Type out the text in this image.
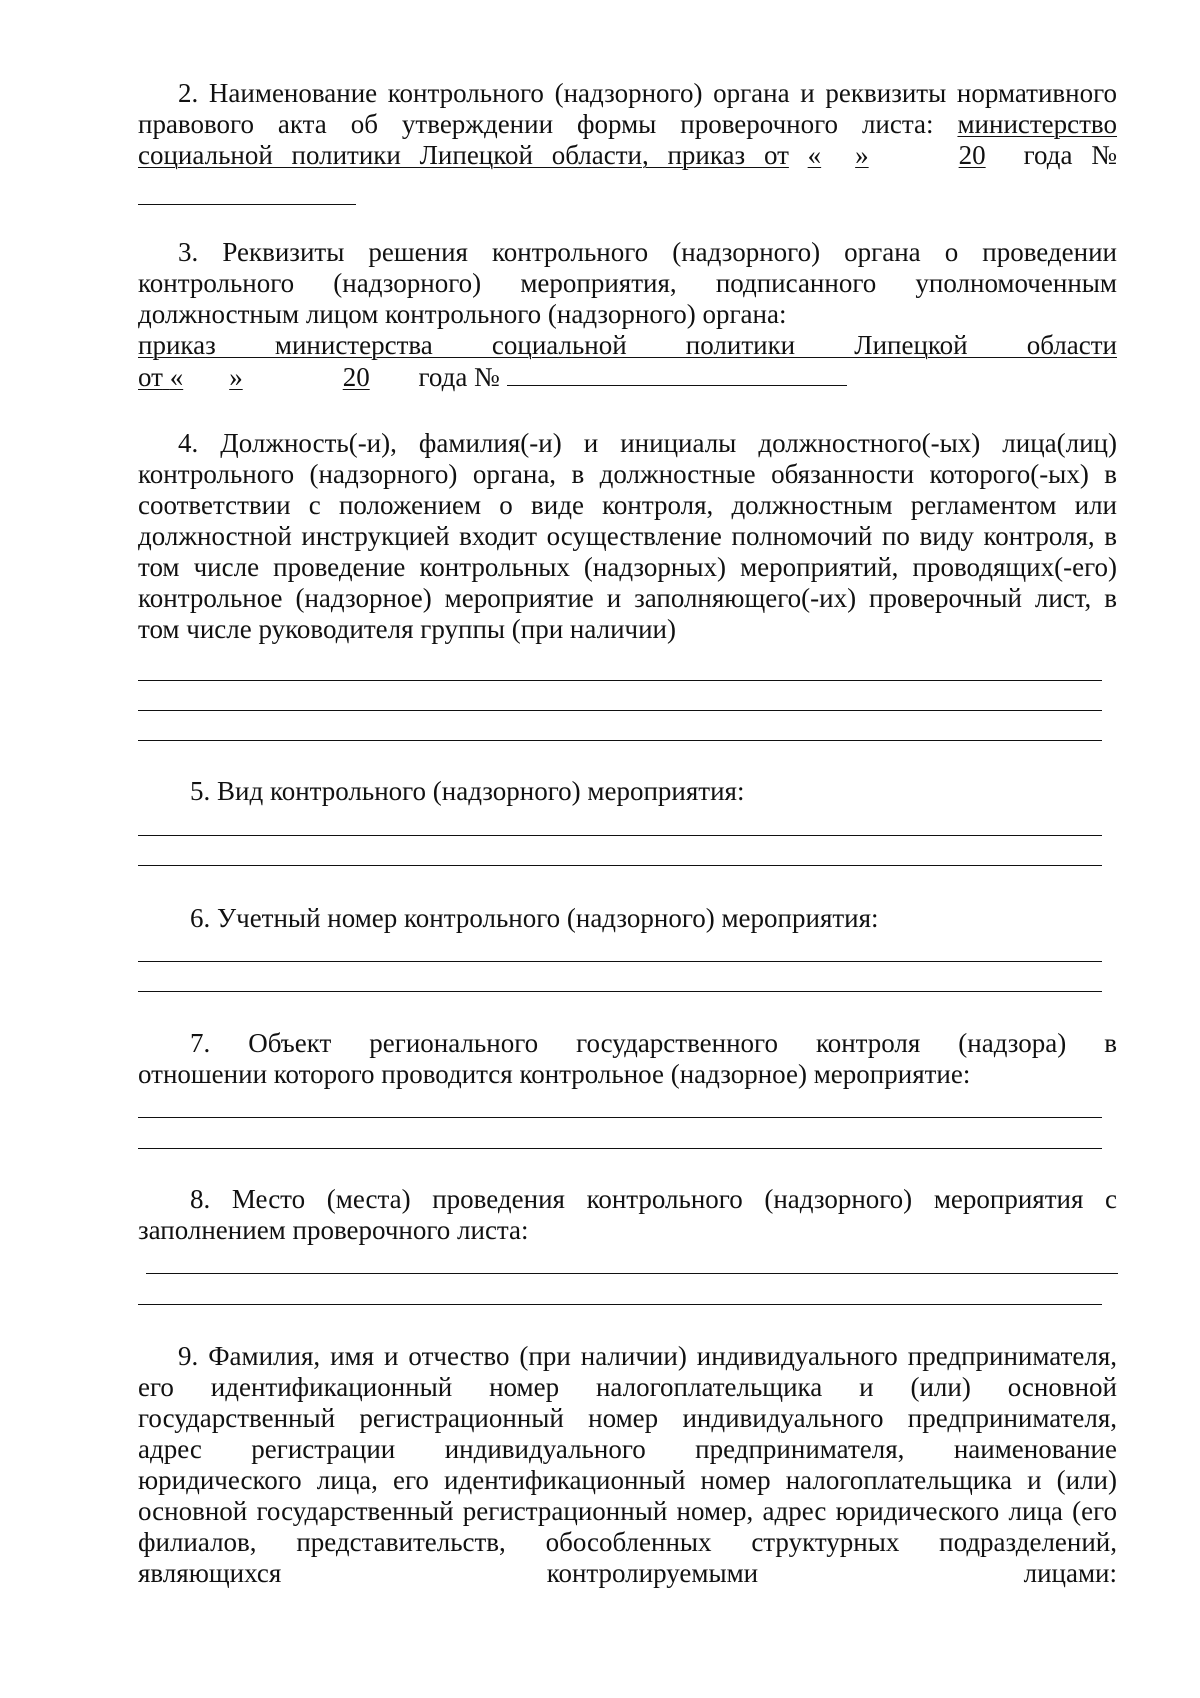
2. Наименование контрольного (надзорного) органа и реквизиты нормативного
правового акта об утверждении формы проверочного листа: министерство
социальной политики Липецкой области, приказ от « »	20 года №
3. Реквизиты решения контрольного (надзорного) органа о проведении
контрольного (надзорного) мероприятия, подписанного уполномоченным
должностным лицом контрольного (надзорного) органа:
приказ министерства социальной политики Липецкой области
от « »	20 года №
4. Должность(-и), фамилия(-и) и инициалы должностного(-ых) лица(лиц)
контрольного (надзорного) органа, в должностные обязанности которого(-ых) в
соответствии с положением о виде контроля, должностным регламентом или
должностной инструкцией входит осуществление полномочий по виду контроля, в
том числе проведение контрольных (надзорных) мероприятий, проводящих(-его)
контрольное (надзорное) мероприятие и заполняющего(-их) проверочный лист, в
том числе руководителя группы (при наличии)
5. Вид контрольного (надзорного) мероприятия:
6. Учетный номер контрольного (надзорного) мероприятия:
7. Объект регионального государственного контроля (надзора) в
отношении которого проводится контрольное (надзорное) мероприятие:
8. Место (места) проведения контрольного (надзорного) мероприятия с
заполнением проверочного листа:
9. Фамилия, имя и отчество (при наличии) индивидуального предпринимателя,
его идентификационный номер налогоплательщика и (или) основной
государственный регистрационный номер индивидуального предпринимателя,
адрес регистрации индивидуального предпринимателя, наименование
юридического лица, его идентификационный номер налогоплательщика и (или)
основной государственный регистрационный номер, адрес юридического лица (его
филиалов, представительств, обособленных структурных подразделений,
являющихся контролируемыми лицами:
